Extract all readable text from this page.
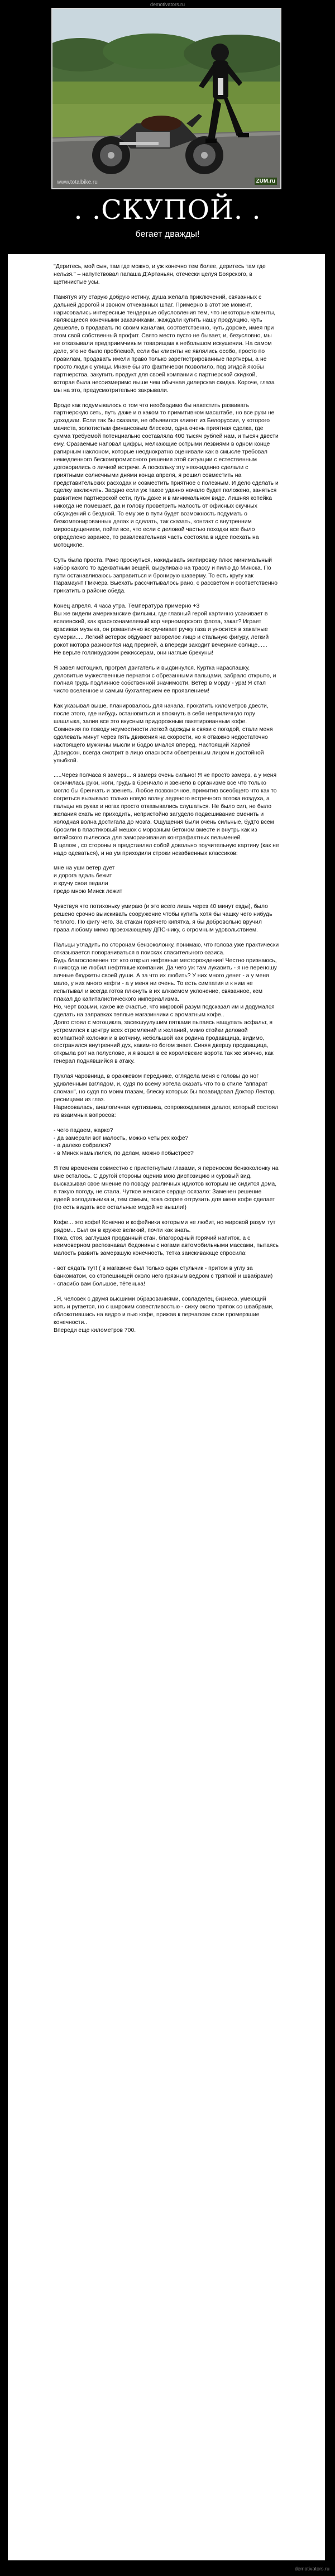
demotivators.ru
www.totalbike.ru	ZUM.ru
. .СКУПОЙ. .
бегает дважды!

"Деритесь, мой сын, там где можно, и уж конечно тем более, деритесь там где нельзя." – напутствовал папаша Д'Артаньян, отечески целуя Боярского, в щетинистые усы.

Памятуя эту старую добрую истину, душа желала приключений, связанных с дальней дорогой и звоном отчеканных шпаг. Примерно в этот же момент, нарисовались интересные тендерные обусловления тем, что некоторые клиенты, являющиеся конечными заказчиками, жаждали купить нашу продукцию, чуть дешевле, в продавать по своим каналам, соответственно, чуть дороже, имея при этом свой собственный профит. Свято место пусто не бывает, и, безусловно, мы не отказывали предприимчивым товарищам в небольшом искушении. На самом деле, это не было проблемой, если бы клиенты не являлись особо, просто по правилам, продавать имели право только зарегистрированные партнеры, а не просто люди с улицы. Иначе бы это фактически позволило, под эгидой якобы партнерства, закупить продукт для своей компании с партнерской скидкой, которая была несоизмеримо выше чем обычная дилерская скидка. Короче, глаза мы на это, предусмотрительно закрывали.

Вроде как подумывалось о том что необходимо бы навестить развивать партнерскую сеть, путь даже и в каком то примитивном масштабе, но все руки не доходили. Если так бы сказали, не объявился клиент из Белоруссии, у которого мачиста, золотистым финансовым блеском, одна очень приятная сделка, где сумма требуемой потенциально составляла 400 тысяч рублей нам, и тысяч двести ему. Сразаемые наповал цифры, мелкающие острыми лезвиями в одном конце рапирным наклоном, которые неоднократно оценивали как в смысле требовал немедленного бескомпромиссного решения этой ситуации с естественным договорились о личной встрече. А поскольку эту неожиданно сделали с приятными солнечными днями конца апреля, я решил совместить на представительских расходах и совместить приятное с полезным. И дело сделать и сделку заключить. Заодно если уж такое удачно начало будет положено, заняться развитием партнерской сети, путь даже и в минимальном виде. Лишняя копейка никогда не помешает, да и голову проветрить малость от офисных скучных обсуждений с бездной. То ему же в пути будет возможность подумать о безкомпонированных делах и сделать, так сказать, контакт с внутренним мироощущением, пойти все, что если с деловой частью походки все было определено заранее, то развлекательная часть состояла в идее поехать на мотоцикле.

Суть была проста. Рано проснуться, накидывать экипировку плюс минимальный набор какого то адекватным вещей, выруливаю на трассу и пилю до Минска. По пути останавливаюсь заправиться и бронирую шаверму. То есть кругу как Парамаунт Пикчерз. Выехать рассчитывалось рано, с рассветом и соответственно прикатить в районе обеда.

Конец апреля. 4 часа утра. Температура примерно +3
Вы же видели американские фильмы, где главный герой картинно усаживает в вселенский, как красноэнамелевый кор черноморского флота, закат? Играет красивая музыка, он романтично вскручивает ручку газа и уносится в закатные сумерки..... Легкий ветерок обдувает загорелое лицо и стальную фигуру, легкий рокот мотора разносится над прерией, а впереди заходит вечерние солнце......
Не верьте голливудским режиссерам, они наглые брехуны!

Я завел мотоцикл, прогрел двигатель и выдвинулся. Куртка нараспашку, деловитые мужественные перчатки с обрезанными пальцами, забрало открыто, и полная грудь подлинное собственной значимости. Ветер в морду - ура! Я стал чисто вселенное и самым бухгалтерием ее проявлением!

Как указывал выше, планировалось для начала, прокатить километров двести, после этого, где нибудь остановиться и втюкнуть в себя неприличную гору шашлыка, запив все это вкусным придорожным пакетированным кофе.
Сомнения по поводу неуместности легкой одежды в связи с погодой, стали меня одолевать минут через пять движения на скорости, но я отважно недостаточно настоящего мужчины мысли и бодро мчался вперед. Настоящий Харлей Дэвидсон, всегда смотрит в лицо опасности обветренным лицом и достойной улыбкой.

.....Через полчаса я замерз... я замерз очень сильно! Я не просто замерз, а у меня окончилась руки, ноги, грудь в бренчало и звенело в организме все что только могло бы бренчать и звенеть. Любое позвоночное, примитив всеобщего что как то согреться вызывало только новую волну ледяного встречного потока воздуха, а пальцы на руках и ногах просто отказывались слушаться. Не было сил, не было желания ехать не приходить, непристойно загудело подвешивание сменить и холодная волна достигала до мозга. Ощущения были очень сильные, будто всем бросили в пластиковый мешок с морозным бетоном вместе и внутрь как из китайского пылесоса для замораживания контрафактных пельменей.
В целом , со стороны я представлял собой довольно поучительную картину (как не надо одеваться), и на ум приходили строки незабвенных классиков:

мне на уши ветер дует
и дорога вдаль бежит
и кручу свои педали
предо мною Минск лежит

Чувствуя что потихоньку умираю (и это всего лишь через 40 минут езды), было решено срочно выискивать сооружение чтобы купить хотя бы чашку чего нибудь теплого. По фигу чего. За стакан горячего кипятка, я бы добровольно вручил права любому мимо проезжающему ДПС-нику, с огромным удовольствием.

Пальцы угладить по сторонам бензоколонку, понимаю, что голова уже практически отказывается поворачиваться в поисках спасительного оазиса.
Будь благословенен тот кто открыл нефтяные месторождения! Честно признаюсь, я никогда не любил нефтяные компании. Да чего уж там лукавить - я не переношу алчные бюджеты своей души. А за что их любить? У них много денег - а у меня мало, у них много нефти - а у меня ни очень. То есть симпатия и к ним не испытывал и всегда готов плюнуть в их алкаемом уклонение, связанное, кем плакал до капиталистического империализма.
Но, черт возьми, какое же счастье, что мировой разум подсказал им и додумался сделать на заправках теплые магазинчики с ароматным кофе..
Долго стоял с мотоцикла, засекшуулушим пятками пытаясь нащупать асфальт, я устремился к центру всех стремлений и желаний, мимо стойки деловой компактной колонки и в вотчину, небольшой как родина продавщица, видимо, отстранился внутренний дух, каким-то богом знает. Синяя дверцу продавщица, открыла рот на полуслове, и я вошел в ее королевские ворота так же эпично, как генерал поднявшийся в атаку.

Пухлая чаровница, в оранжевом переднике, оглядела меня с головы до ног удивленным взглядом, и, судя по всему хотела сказать что то в стиле "аппарат сломан", но судя по моим глазам, блеску которых бы позавидовал Доктор Лектор, ресницами из глаз.
Нарисовалась, аналогичная куртизанка, сопровождаемая диалог, который состоял из взаимных вопросов:

- чего падаем, жарко?
- да замерзли вот малость, можно четырех кофе?
- а далеко собрался?
- в Минск намылился, по делам, можно побыстрее?

Я тем временем совместно с пристегнутым глазами, я переносом бензоколонку на мне осталось. С другой стороны оценив мою диспозицию и суровый вид, высказывая свое мнение по поводу различных идиотов которым не сидится дома, в такую погоду, не стала. Чуткое женское сердце осязало: Заменен решение идеей холодильника и, тем самым, пока скорее отгрузить для меня кофе сделает (то есть видать все остальные модой не вышли!)

Кофе... это кофе! Конечно и кофейники которыми не любит, но мировой разум тут рядом... Был он в кружке великий, почти как знать.
Пока, стоя, заглушая проданный стан, благородный горячий напиток, а с неимоверном распознавал бедонины с ногами автомобильными массами, пытаясь малость развить замерзшую конечность, тетка заискивающе спросила:

- вот сядать тут! ( в магазине был только один стульчик - притом в углу за банкоматом, со столешницей около него грязным ведром с тряпкой и швабрами)
- спасибо вам большое, тётенька!

..Я, человек с двумя высшими образованиями, совладелец бизнеса, умеющий хоть и ругается, но с широким совестливостью - сижу около тряпок со швабрами, облокотившись на ведро и пью кофе, прижав к перчаткам свои промерзшие конечности..
Впереди еще километров 700.

demotivators.ru
